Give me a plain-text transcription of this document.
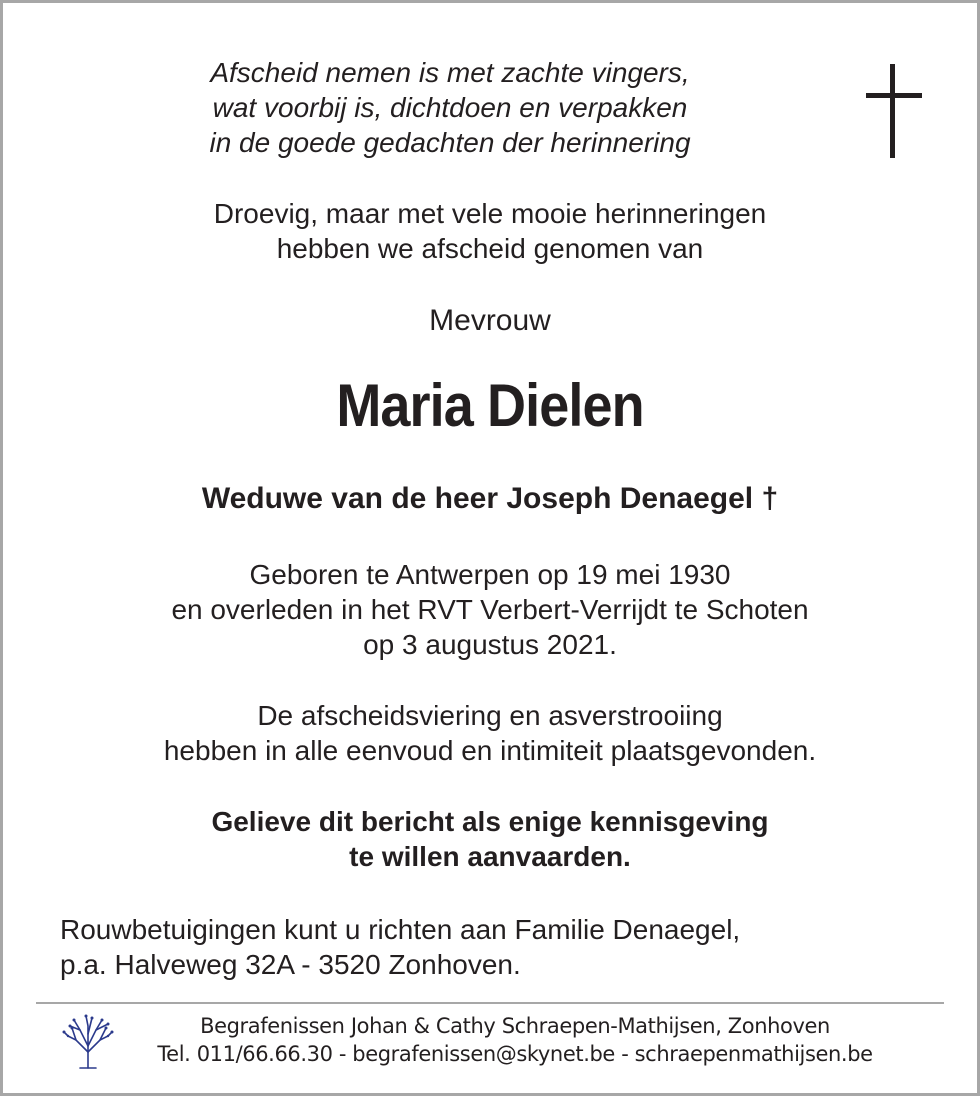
Afscheid nemen is met zachte vingers,
wat voorbij is, dichtdoen en verpakken
in de goede gedachten der herinnering
Droevig, maar met vele mooie herinneringen
hebben we afscheid genomen van
Mevrouw
Maria Dielen
Weduwe van de heer Joseph Denaegel †
Geboren te Antwerpen op 19 mei 1930
en overleden in het RVT Verbert-Verrijdt te Schoten
op 3 augustus 2021.
De afscheidsviering en asverstrooiing
hebben in alle eenvoud en intimiteit plaatsgevonden.
Gelieve dit bericht als enige kennisgeving
te willen aanvaarden.
Rouwbetuigingen kunt u richten aan Familie Denaegel,
p.a. Halveweg 32A - 3520 Zonhoven.
Begrafenissen Johan & Cathy Schraepen-Mathijsen, Zonhoven
Tel. 011/66.66.30 - begrafenissen@skynet.be - schraepenmathijsen.be
